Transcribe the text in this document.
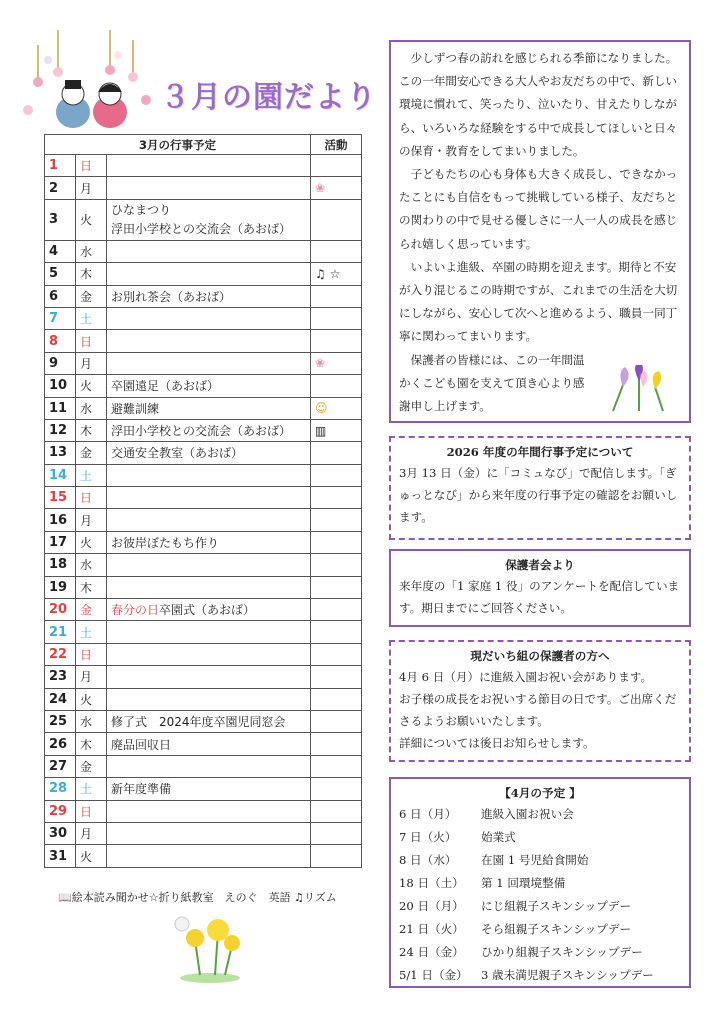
３月の園だより
3月の行事予定			活動
1	日		
2	月		❀
3	火	ひなまつり
浮田小学校との交流会（あおば）	

4	水		
5	木		♫ ☆
6	金	お別れ茶会（あおば）	
7	土		
8	日		
9	月		❀
10	火	卒園遠足（あおば）	
11	水	避難訓練	☺
12	木	浮田小学校との交流会（あおば）	▥
13	金	交通安全教室（あおば）	
14	土		
15	日		
16	月		
17	火	お彼岸ぼたもち作り	
18	水		
19	木		
20	金	春分の日卒園式（あおば）	
21	土		
22	日		
23	月		
24	火		
25	水	修了式　2024年度卒園児同窓会	
26	木	廃品回収日	
27	金		
28	土	新年度準備	
29	日		
30	月		
31	火		
📖絵本読み聞かせ☆折り紙教室　えのぐ　英語 ♫リズム

少しずつ春の訪れを感じられる季節になりました。この一年間安心できる大人やお友だちの中で、新しい環境に慣れて、笑ったり、泣いたり、甘えたりしながら、いろいろな経験をする中で成長してほしいと日々の保育・教育をしてまいりました。

子どもたちの心も身体も大きく成長し、できなかったことにも自信をもって挑戦している様子、友だちとの関わりの中で見せる優しさに一人一人の成長を感じられ嬉しく思っています。

いよいよ進級、卒園の時期を迎えます。期待と不安が入り混じるこの時期ですが、これまでの生活を大切にしながら、安心して次へと進めるよう、職員一同丁寧に関わってまいります。

保護者の皆様には、この一年間温かくこども園を支えて頂き心より感謝申し上げます。

2026 年度の年間行事予定について
3月 13 日（金）に「コミュなび」で配信します。「ぎゅっとなび」から来年度の行事予定の確認をお願いします。
保護者会より
来年度の「1 家庭 1 役」のアンケートを配信しています。期日までにご回答ください。
現だいち組の保護者の方へ
4月 6 日（月）に進級入園お祝い会があります。
お子様の成長をお祝いする節目の日です。ご出席くださるようお願いいたします。
詳細については後日お知らせします。
【4月の予定 】
6 日（月）	進級入園お祝い会
7 日（火）	始業式
8 日（水）	在園 1 号児給食開始
18 日（土）	第 1 回環境整備
20 日（月）	にじ組親子スキンシップデー
21 日（火）	そら組親子スキンシップデー
24 日（金）	ひかり組親子スキンシップデー
5/1 日（金）	3 歳未満児親子スキンシップデー
